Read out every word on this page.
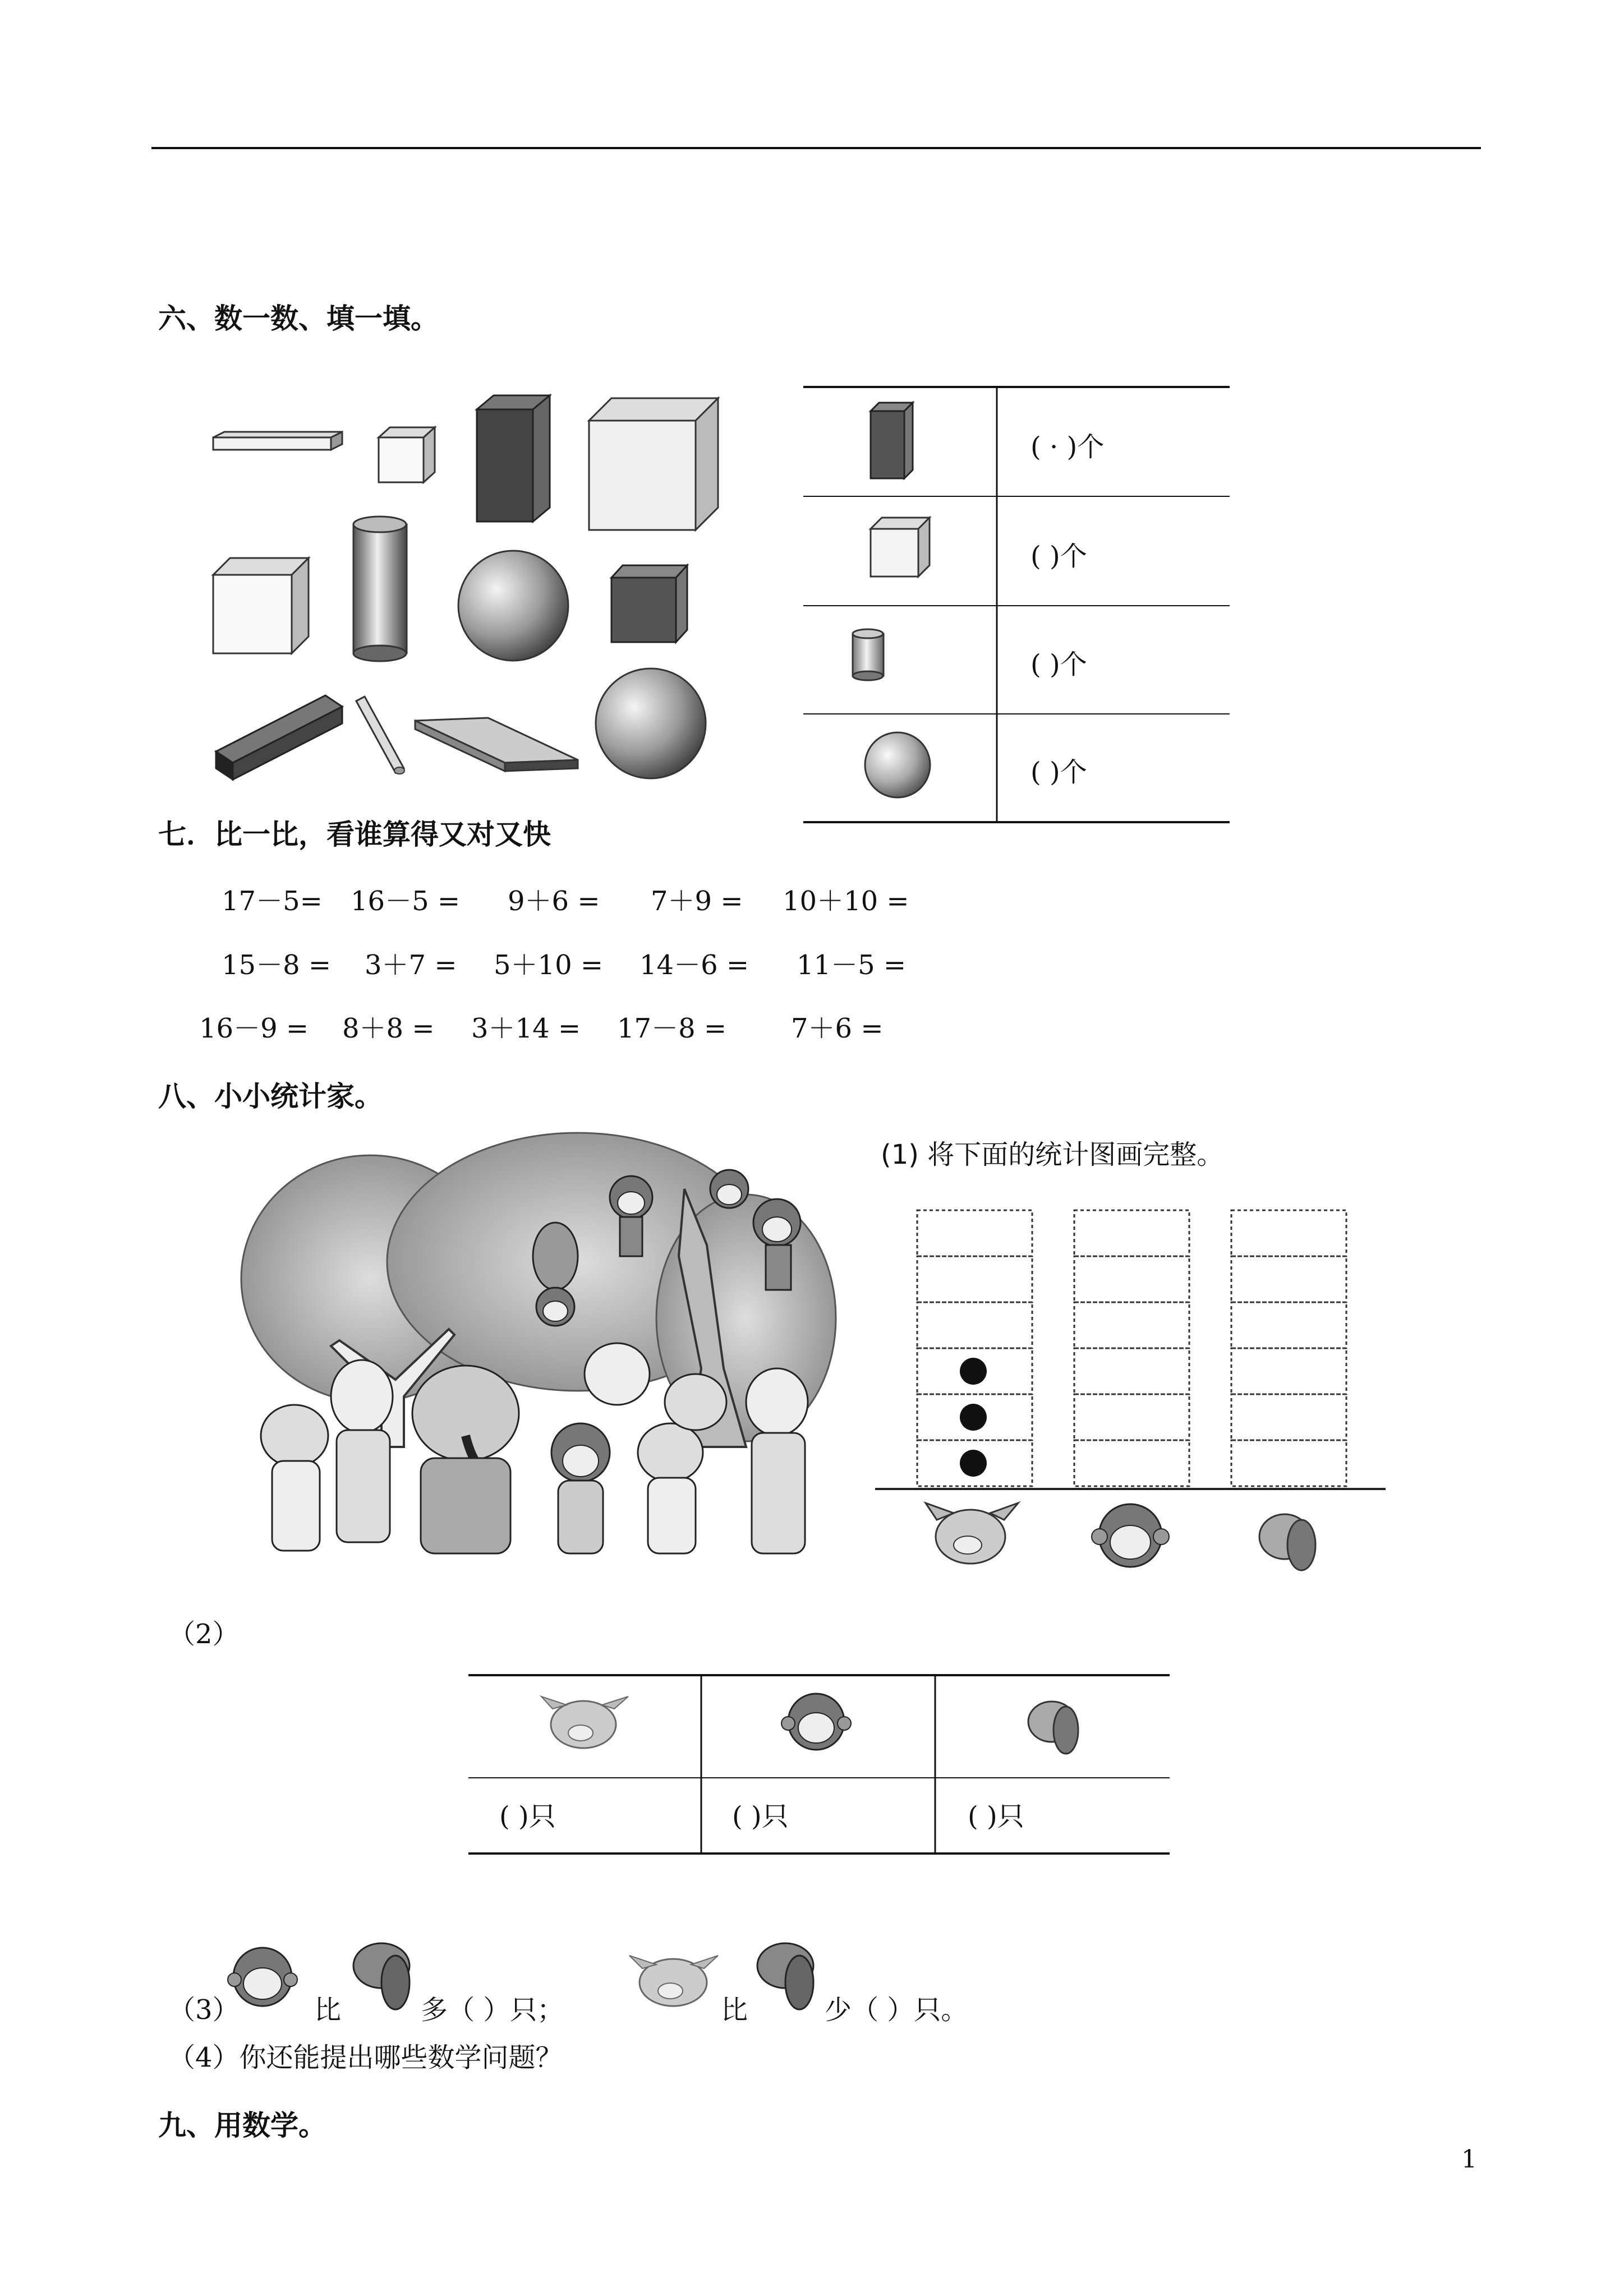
六、数一数、填一填。
( · )个
( )个
( )个
( )个
七．比一比，看谁算得又对又快
17－5= 16－5 = 9＋6 = 7＋9 = 10＋10 =
15－8 = 3＋7 = 5＋10 = 14－6 = 11－5 =
16－9 = 8＋8 = 3＋14 = 17－8 = 7＋6 =
八、小小统计家。
(1) 将下面的统计图画完整。
（2）
( )只	( )只	( )只
（3）	比	多（ ）只；	比	少（ ）只。
（4）你还能提出哪些数学问题？
九、用数学。
1
